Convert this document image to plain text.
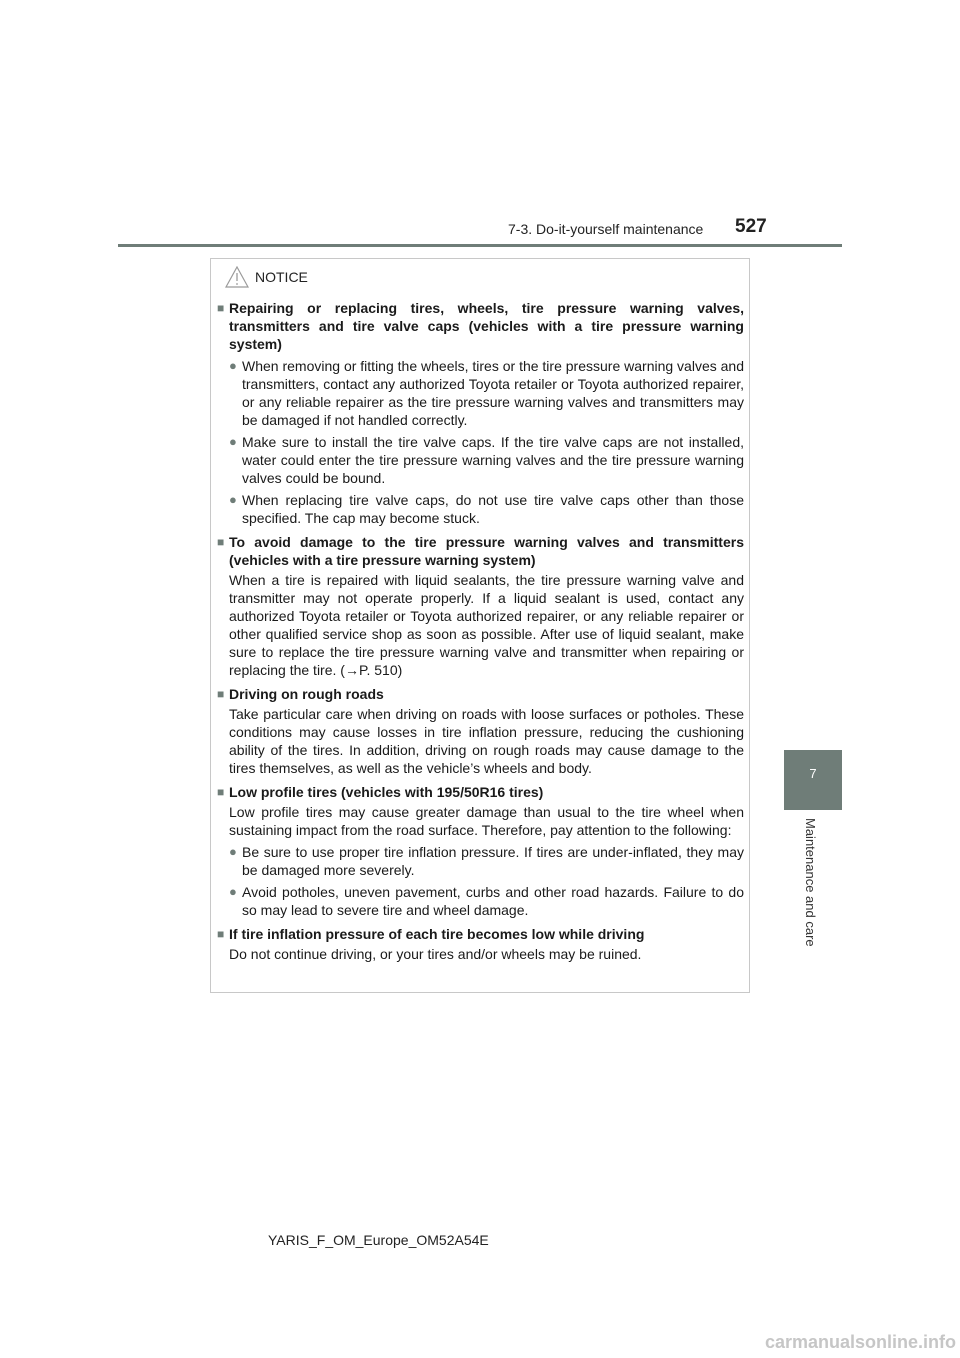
7-3. Do-it-yourself maintenance 527
7
Maintenance and care
NOTICE
■ Repairing or replacing tires, wheels, tire pressure warning valves, transmitters and tire valve caps (vehicles with a tire pressure warning system)
● When removing or fitting the wheels, tires or the tire pressure warning valves and transmitters, contact any authorized Toyota retailer or Toyota authorized repairer, or any reliable repairer as the tire pressure warning valves and transmitters may be damaged if not handled correctly.
● Make sure to install the tire valve caps. If the tire valve caps are not installed, water could enter the tire pressure warning valves and the tire pressure warning valves could be bound.
● When replacing tire valve caps, do not use tire valve caps other than those specified. The cap may become stuck.
■ To avoid damage to the tire pressure warning valves and transmitters (vehicles with a tire pressure warning system)
When a tire is repaired with liquid sealants, the tire pressure warning valve and transmitter may not operate properly. If a liquid sealant is used, contact any authorized Toyota retailer or Toyota authorized repairer, or any reliable repairer or other qualified service shop as soon as possible. After use of liquid sealant, make sure to replace the tire pressure warning valve and transmitter when repairing or replacing the tire. (→P. 510)
■ Driving on rough roads
Take particular care when driving on roads with loose surfaces or potholes. These conditions may cause losses in tire inflation pressure, reducing the cushioning ability of the tires. In addition, driving on rough roads may cause damage to the tires themselves, as well as the vehicle’s wheels and body.
■ Low profile tires (vehicles with 195/50R16 tires)
Low profile tires may cause greater damage than usual to the tire wheel when sustaining impact from the road surface. Therefore, pay attention to the following:
● Be sure to use proper tire inflation pressure. If tires are under-inflated, they may be damaged more severely.
● Avoid potholes, uneven pavement, curbs and other road hazards. Failure to do so may lead to severe tire and wheel damage.
■ If tire inflation pressure of each tire becomes low while driving
Do not continue driving, or your tires and/or wheels may be ruined.
YARIS_F_OM_Europe_OM52A54E
carmanualsonline.info
